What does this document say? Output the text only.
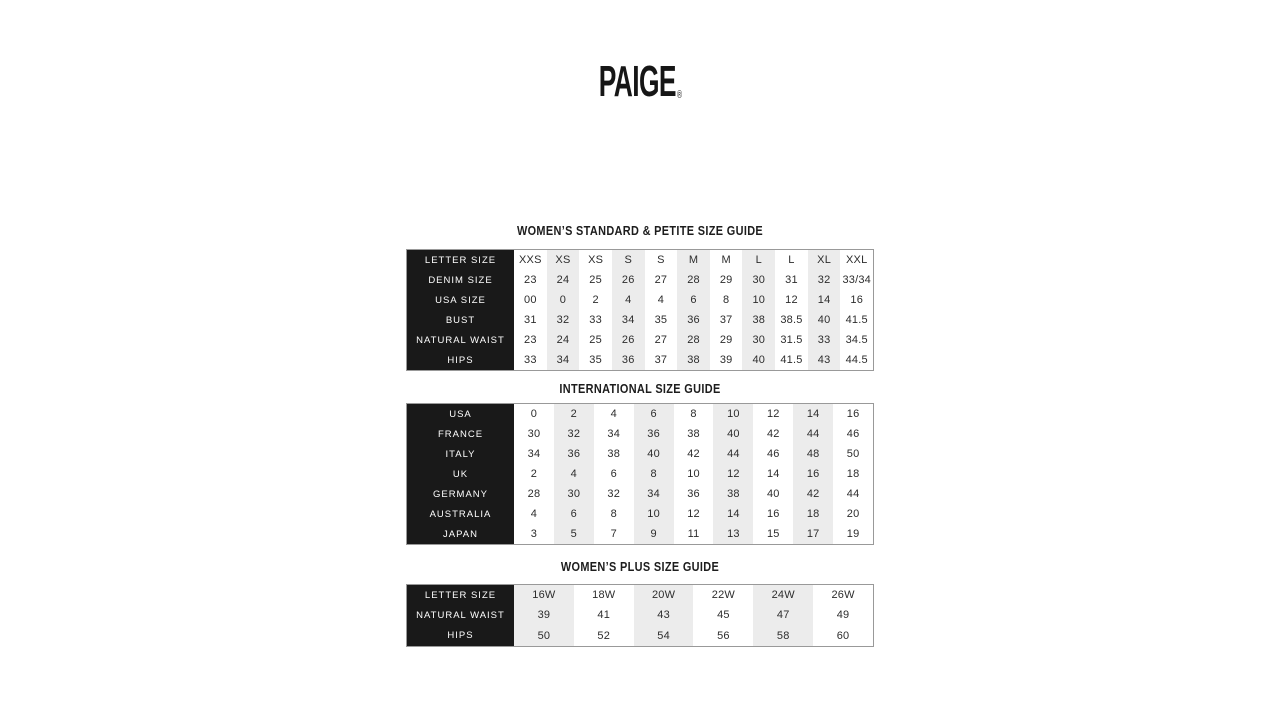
PAIGE ®
WOMEN’S STANDARD & PETITE SIZE GUIDE
LETTER SIZE	XXS	XS	XS	S	S	M	M	L	L	XL	XXL
DENIM SIZE	23	24	25	26	27	28	29	30	31	32	33/34
USA SIZE	00	0	2	4	4	6	8	10	12	14	16
BUST	31	32	33	34	35	36	37	38	38.5	40	41.5
NATURAL WAIST	23	24	25	26	27	28	29	30	31.5	33	34.5
HIPS	33	34	35	36	37	38	39	40	41.5	43	44.5
INTERNATIONAL SIZE GUIDE
USA	0	2	4	6	8	10	12	14	16
FRANCE	30	32	34	36	38	40	42	44	46
ITALY	34	36	38	40	42	44	46	48	50
UK	2	4	6	8	10	12	14	16	18
GERMANY	28	30	32	34	36	38	40	42	44
AUSTRALIA	4	6	8	10	12	14	16	18	20
JAPAN	3	5	7	9	11	13	15	17	19
WOMEN’S PLUS SIZE GUIDE
LETTER SIZE	16W	18W	20W	22W	24W	26W
NATURAL WAIST	39	41	43	45	47	49
HIPS	50	52	54	56	58	60
